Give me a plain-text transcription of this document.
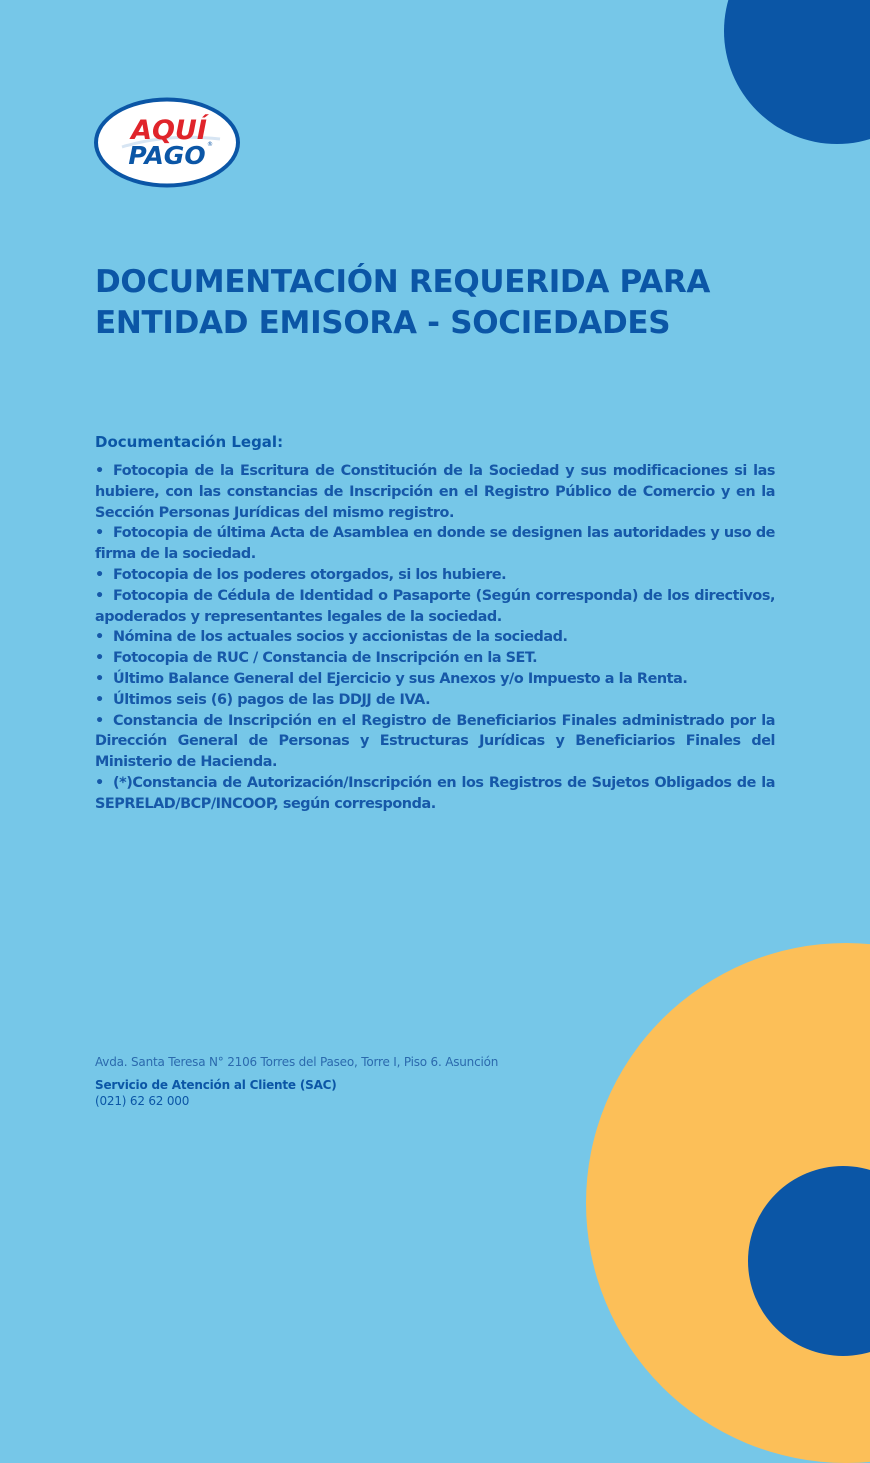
AQUÍ ®
PAGO
DOCUMENTACIÓN REQUERIDA PARA ENTIDAD EMISORA - SOCIEDADES
Documentación Legal:
• Fotocopia de la Escritura de Constitución de la Sociedad y sus modificaciones si las hubiere, con las constancias de Inscripción en el Registro Público de Comercio y en la Sección Personas Jurídicas del mismo registro.
• Fotocopia de última Acta de Asamblea en donde se designen las autoridades y uso de firma de la sociedad.
• Fotocopia de los poderes otorgados, si los hubiere.
• Fotocopia de Cédula de Identidad o Pasaporte (Según corresponda) de los directivos, apoderados y representantes legales de la sociedad.
• Nómina de los actuales socios y accionistas de la sociedad.
• Fotocopia de RUC / Constancia de Inscripción en la SET.
• Último Balance General del Ejercicio y sus Anexos y/o Impuesto a la Renta.
• Últimos seis (6) pagos de las DDJJ de IVA.
• Constancia de Inscripción en el Registro de Beneficiarios Finales administrado por la Dirección General de Personas y Estructuras Jurídicas y Beneficiarios Finales del Ministerio de Hacienda.
• (*)Constancia de Autorización/Inscripción en los Registros de Sujetos Obligados de la SEPRELAD/BCP/INCOOP, según corresponda.

Avda. Santa Teresa N° 2106 Torres del Paseo, Torre I, Piso 6. Asunción

Servicio de Atención al Cliente (SAC)

(021) 62 62 000
